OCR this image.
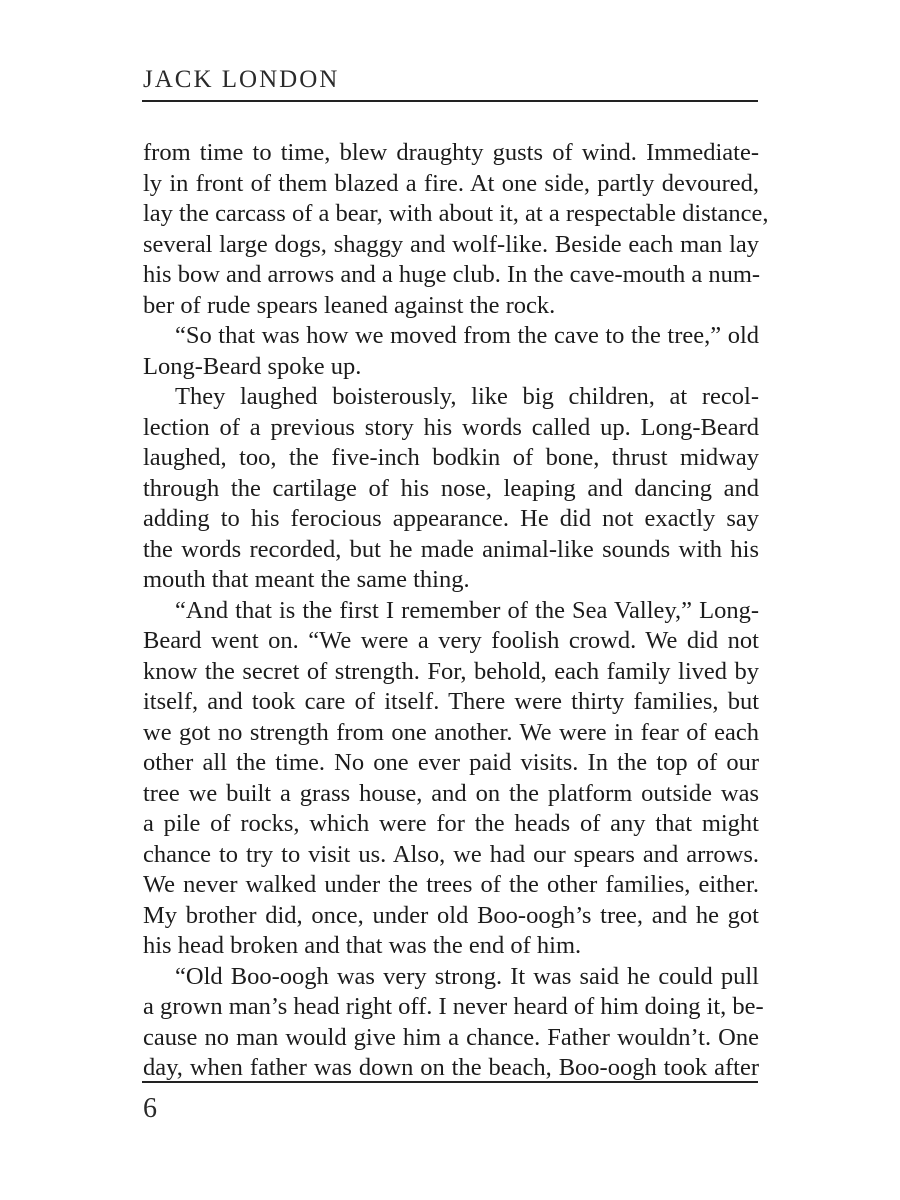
JACK LONDON
from time to time, blew draughty gusts of wind. Immediate-
ly in front of them blazed a fire. At one side, partly devoured,
lay the carcass of a bear, with about it, at a respectable distance,
several large dogs, shaggy and wolf-like. Beside each man lay
his bow and arrows and a huge club. In the cave-mouth a num-
ber of rude spears leaned against the rock.
“So that was how we moved from the cave to the tree,” old
Long-Beard spoke up.
They laughed boisterously, like big children, at recol-
lection of a previous story his words called up. Long-Beard
laughed, too, the five-inch bodkin of bone, thrust midway
through the cartilage of his nose, leaping and dancing and
adding to his ferocious appearance. He did not exactly say
the words recorded, but he made animal-like sounds with his
mouth that meant the same thing.
“And that is the first I remember of the Sea Valley,” Long-
Beard went on. “We were a very foolish crowd. We did not
know the secret of strength. For, behold, each family lived by
itself, and took care of itself. There were thirty families, but
we got no strength from one another. We were in fear of each
other all the time. No one ever paid visits. In the top of our
tree we built a grass house, and on the platform outside was
a pile of rocks, which were for the heads of any that might
chance to try to visit us. Also, we had our spears and arrows.
We never walked under the trees of the other families, either.
My brother did, once, under old Boo-oogh’s tree, and he got
his head broken and that was the end of him.
“Old Boo-oogh was very strong. It was said he could pull
a grown man’s head right off. I never heard of him doing it, be-
cause no man would give him a chance. Father wouldn’t. One
day, when father was down on the beach, Boo-oogh took after
6
